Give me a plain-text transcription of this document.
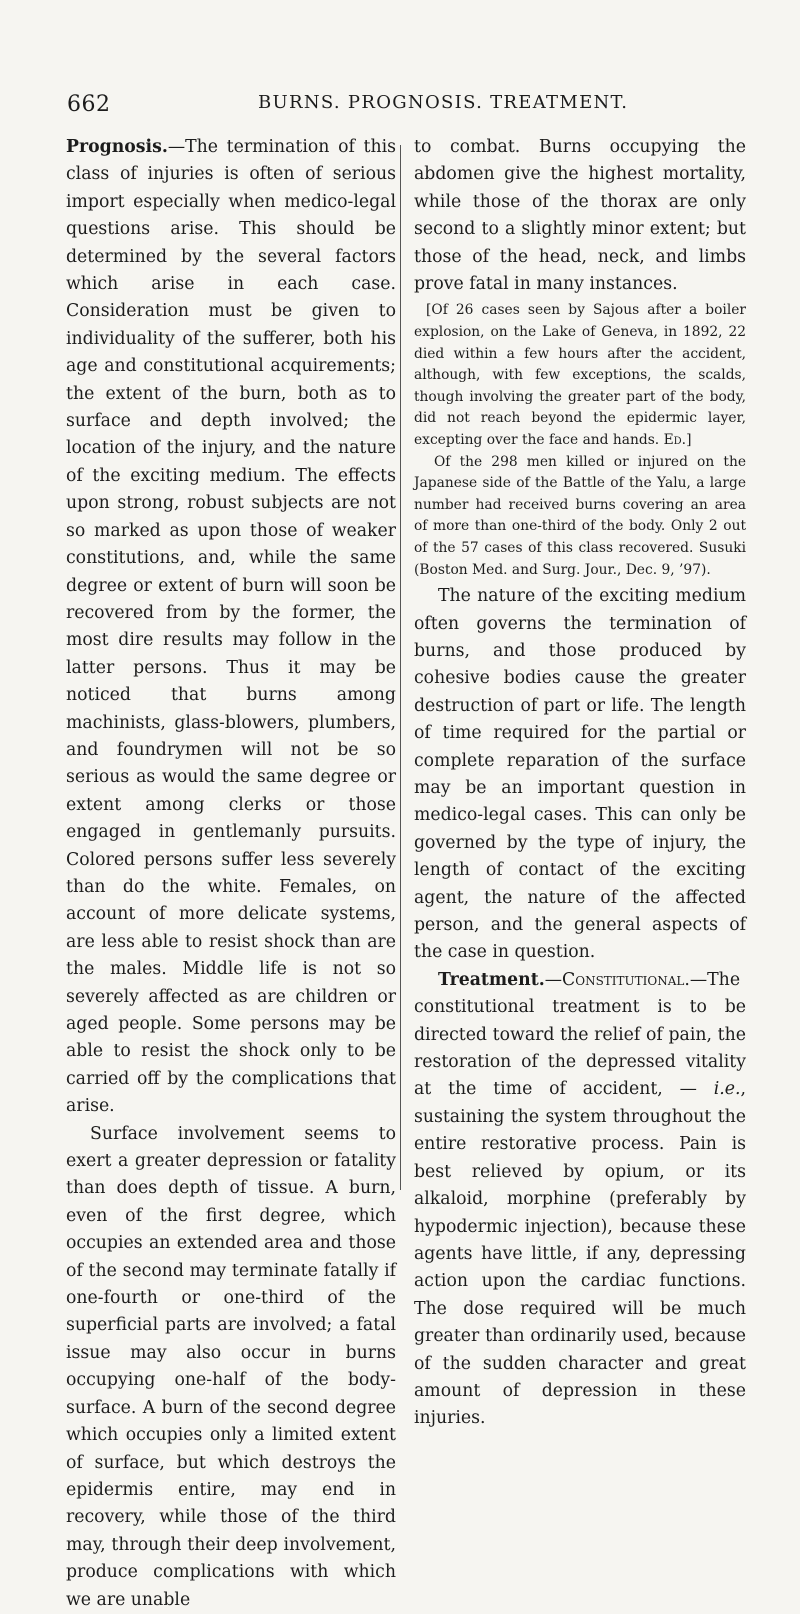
662	BURNS. PROGNOSIS. TREATMENT.

Prognosis.—The termination of this class of injuries is often of serious import especially when medico-legal questions arise. This should be determined by the several factors which arise in each case. Consideration must be given to individuality of the sufferer, both his age and constitutional acquirements; the extent of the burn, both as to surface and depth involved; the location of the injury, and the nature of the exciting medium. The effects upon strong, robust subjects are not so marked as upon those of weaker constitutions, and, while the same degree or extent of burn will soon be recovered from by the former, the most dire results may follow in the latter persons. Thus it may be noticed that burns among machinists, glass-blowers, plumbers, and foundrymen will not be so serious as would the same degree or extent among clerks or those engaged in gentlemanly pursuits. Colored persons suffer less severely than do the white. Females, on account of more delicate systems, are less able to resist shock than are the males. Middle life is not so severely affected as are children or aged people. Some persons may be able to resist the shock only to be carried off by the complications that arise.

Surface involvement seems to exert a greater depression or fatality than does depth of tissue. A burn, even of the first degree, which occupies an extended area and those of the second may terminate fatally if one-fourth or one-third of the superficial parts are involved; a fatal issue may also occur in burns occupying one-half of the body-surface. A burn of the second degree which occupies only a limited extent of surface, but which destroys the epidermis entire, may end in recovery, while those of the third may, through their deep involvement, produce complications with which we are unable

to combat. Burns occupying the abdomen give the highest mortality, while those of the thorax are only second to a slightly minor extent; but those of the head, neck, and limbs prove fatal in many instances.

[Of 26 cases seen by Sajous after a boiler explosion, on the Lake of Geneva, in 1892, 22 died within a few hours after the accident, although, with few exceptions, the scalds, though involving the greater part of the body, did not reach beyond the epidermic layer, excepting over the face and hands. Ed.]

Of the 298 men killed or injured on the Japanese side of the Battle of the Yalu, a large number had received burns covering an area of more than one-third of the body. Only 2 out of the 57 cases of this class recovered. Susuki (Boston Med. and Surg. Jour., Dec. 9, ’97).

The nature of the exciting medium often governs the termination of burns, and those produced by cohesive bodies cause the greater destruction of part or life. The length of time required for the partial or complete reparation of the surface may be an important question in medico-legal cases. This can only be governed by the type of injury, the length of contact of the exciting agent, the nature of the affected person, and the general aspects of the case in question.

Treatment.—Constitutional.—The constitutional treatment is to be directed toward the relief of pain, the restoration of the depressed vitality at the time of accident, — i.e., sustaining the system throughout the entire restorative process. Pain is best relieved by opium, or its alkaloid, morphine (preferably by hypodermic injection), because these agents have little, if any, depressing action upon the cardiac functions. The dose required will be much greater than ordinarily used, because of the sudden character and great amount of depression in these injuries.
